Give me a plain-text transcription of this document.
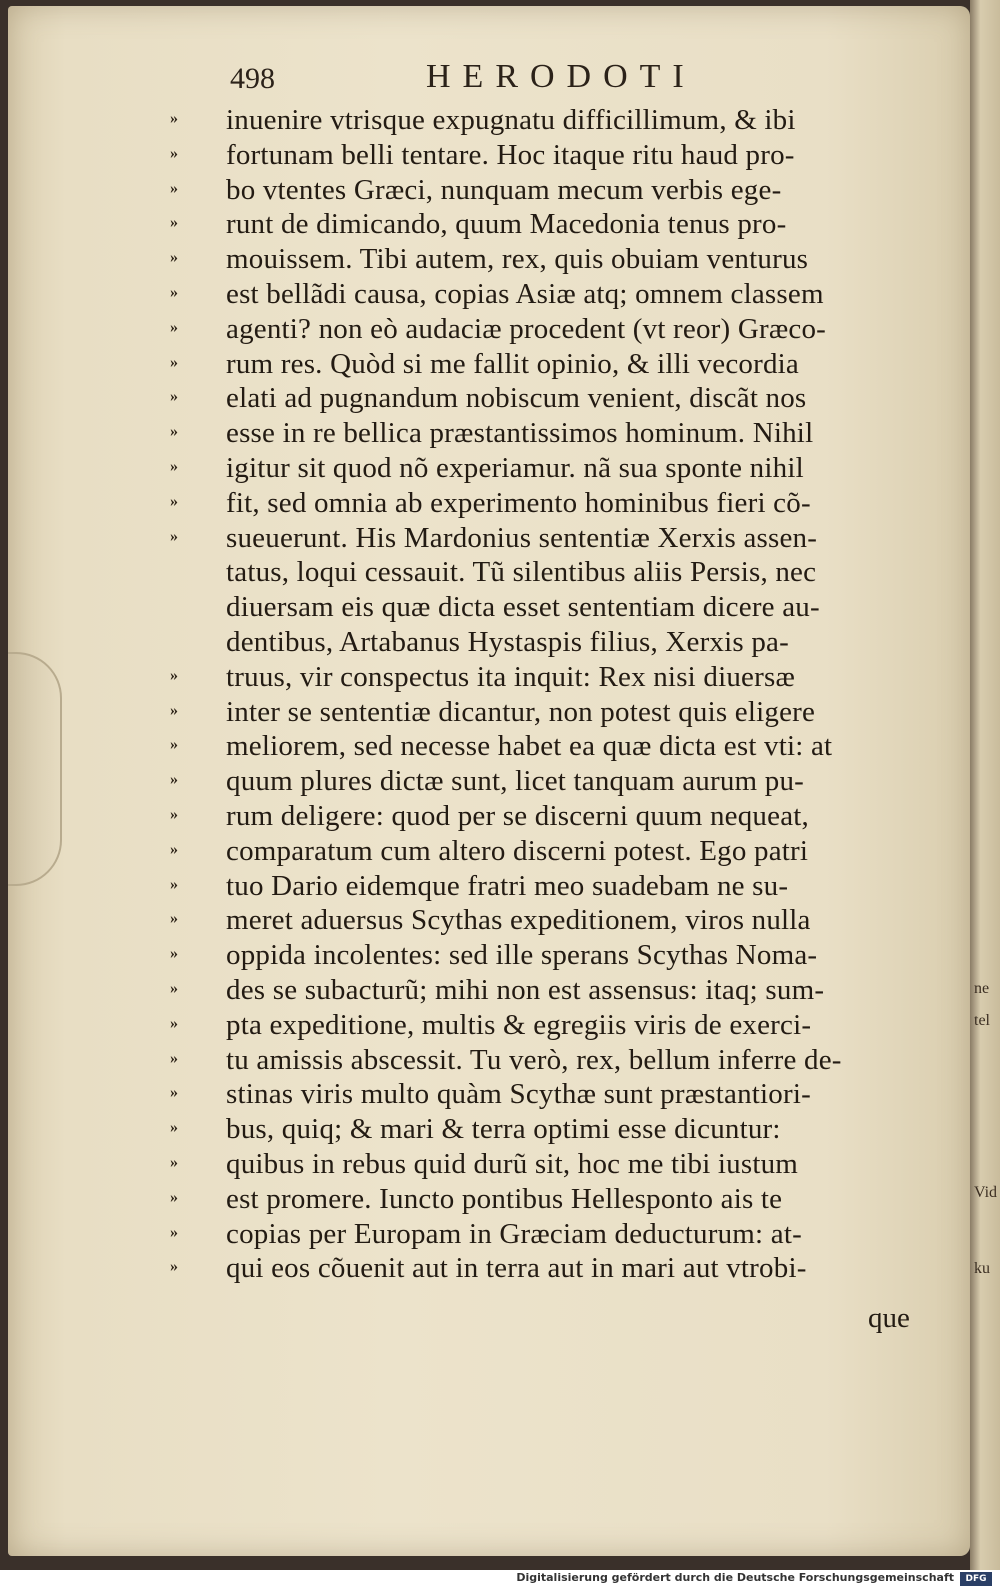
ne
tel
Vid
ku
498	HERODOTI
»	inuenire vtrisque expugnatu difficillimum, & ibi
»	fortunam belli tentare. Hoc itaque ritu haud pro-
»	bo vtentes Græci, nunquam mecum verbis ege-
»	runt de dimicando, quum Macedonia tenus pro-
»	mouissem. Tibi autem, rex, quis obuiam venturus
»	est bellãdi causa, copias Asiæ atq; omnem classem
»	agenti? non eò audaciæ procedent (vt reor) Græco-
»	rum res. Quòd si me fallit opinio, & illi vecordia
»	elati ad pugnandum nobiscum venient, discãt nos
»	esse in re bellica præstantissimos hominum. Nihil
»	igitur sit quod nõ experiamur. nã sua sponte nihil
»	fit, sed omnia ab experimento hominibus fieri cõ-
»	sueuerunt. His Mardonius sententiæ Xerxis assen-
tatus, loqui cessauit. Tũ silentibus aliis Persis, nec
diuersam eis quæ dicta esset sententiam dicere au-
dentibus, Artabanus Hystaspis filius, Xerxis pa-
»	truus, vir conspectus ita inquit: Rex nisi diuersæ
»	inter se sententiæ dicantur, non potest quis eligere
»	meliorem, sed necesse habet ea quæ dicta est vti: at
»	quum plures dictæ sunt, licet tanquam aurum pu-
»	rum deligere: quod per se discerni quum nequeat,
»	comparatum cum altero discerni potest. Ego patri
»	tuo Dario eidemque fratri meo suadebam ne su-
»	meret aduersus Scythas expeditionem, viros nulla
»	oppida incolentes: sed ille sperans Scythas Noma-
»	des se subacturũ; mihi non est assensus: itaq; sum-
»	pta expeditione, multis & egregiis viris de exerci-
»	tu amissis abscessit. Tu verò, rex, bellum inferre de-
»	stinas viris multo quàm Scythæ sunt præstantiori-
»	bus, quiq; & mari & terra optimi esse dicuntur:
»	quibus in rebus quid durũ sit, hoc me tibi iustum
»	est promere. Iuncto pontibus Hellesponto ais te
»	copias per Europam in Græciam deducturum: at-
»	qui eos cõuenit aut in terra aut in mari aut vtrobi-
que
Digitalisierung gefördert durch die Deutsche Forschungsgemeinschaft	DFG
